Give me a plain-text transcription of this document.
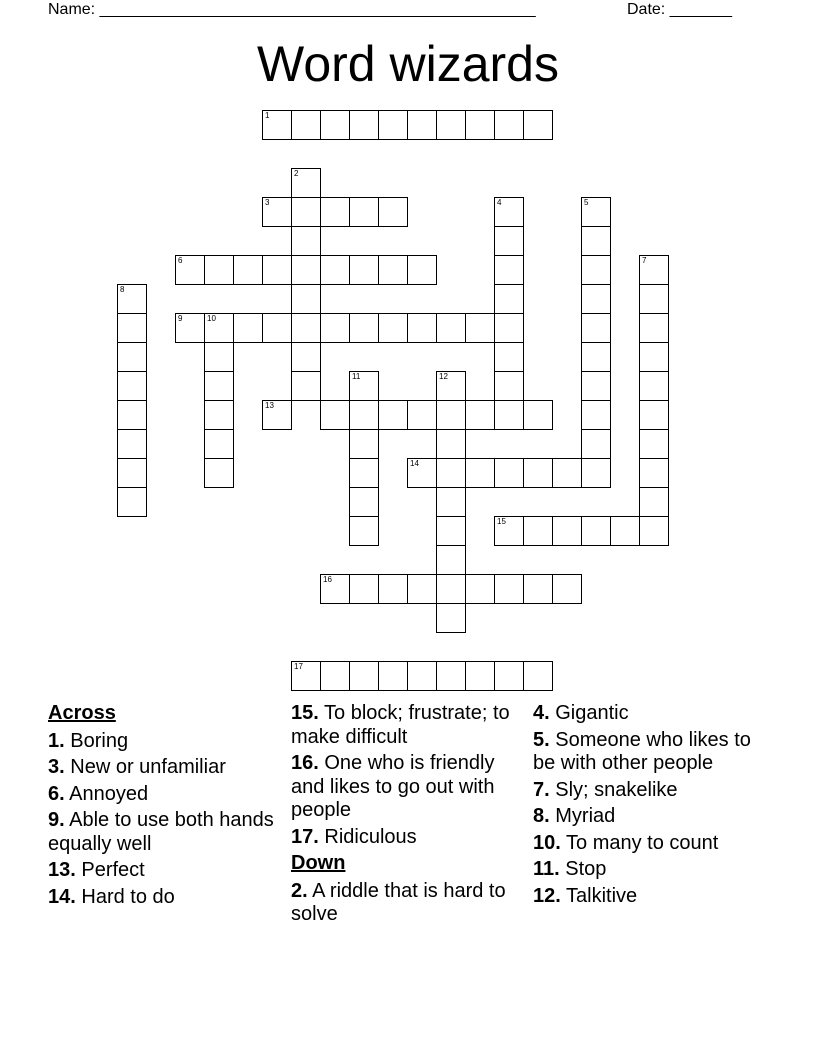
Name: _________________________________________________	Date: _______
Word wizards
1
2
3	4	5
6	7
8
9	10
11	12
13
14
15
16
17
Across
1. Boring
3. New or unfamiliar
6. Annoyed
9. Able to use both hands equally well
13. Perfect
14. Hard to do
15. To block; frustrate; to make difficult
16. One who is friendly and likes to go out with people
17. Ridiculous
Down
2. A riddle that is hard to solve
4. Gigantic
5. Someone who likes to be with other people
7. Sly; snakelike
8. Myriad
10. To many to count
11. Stop
12. Talkitive
